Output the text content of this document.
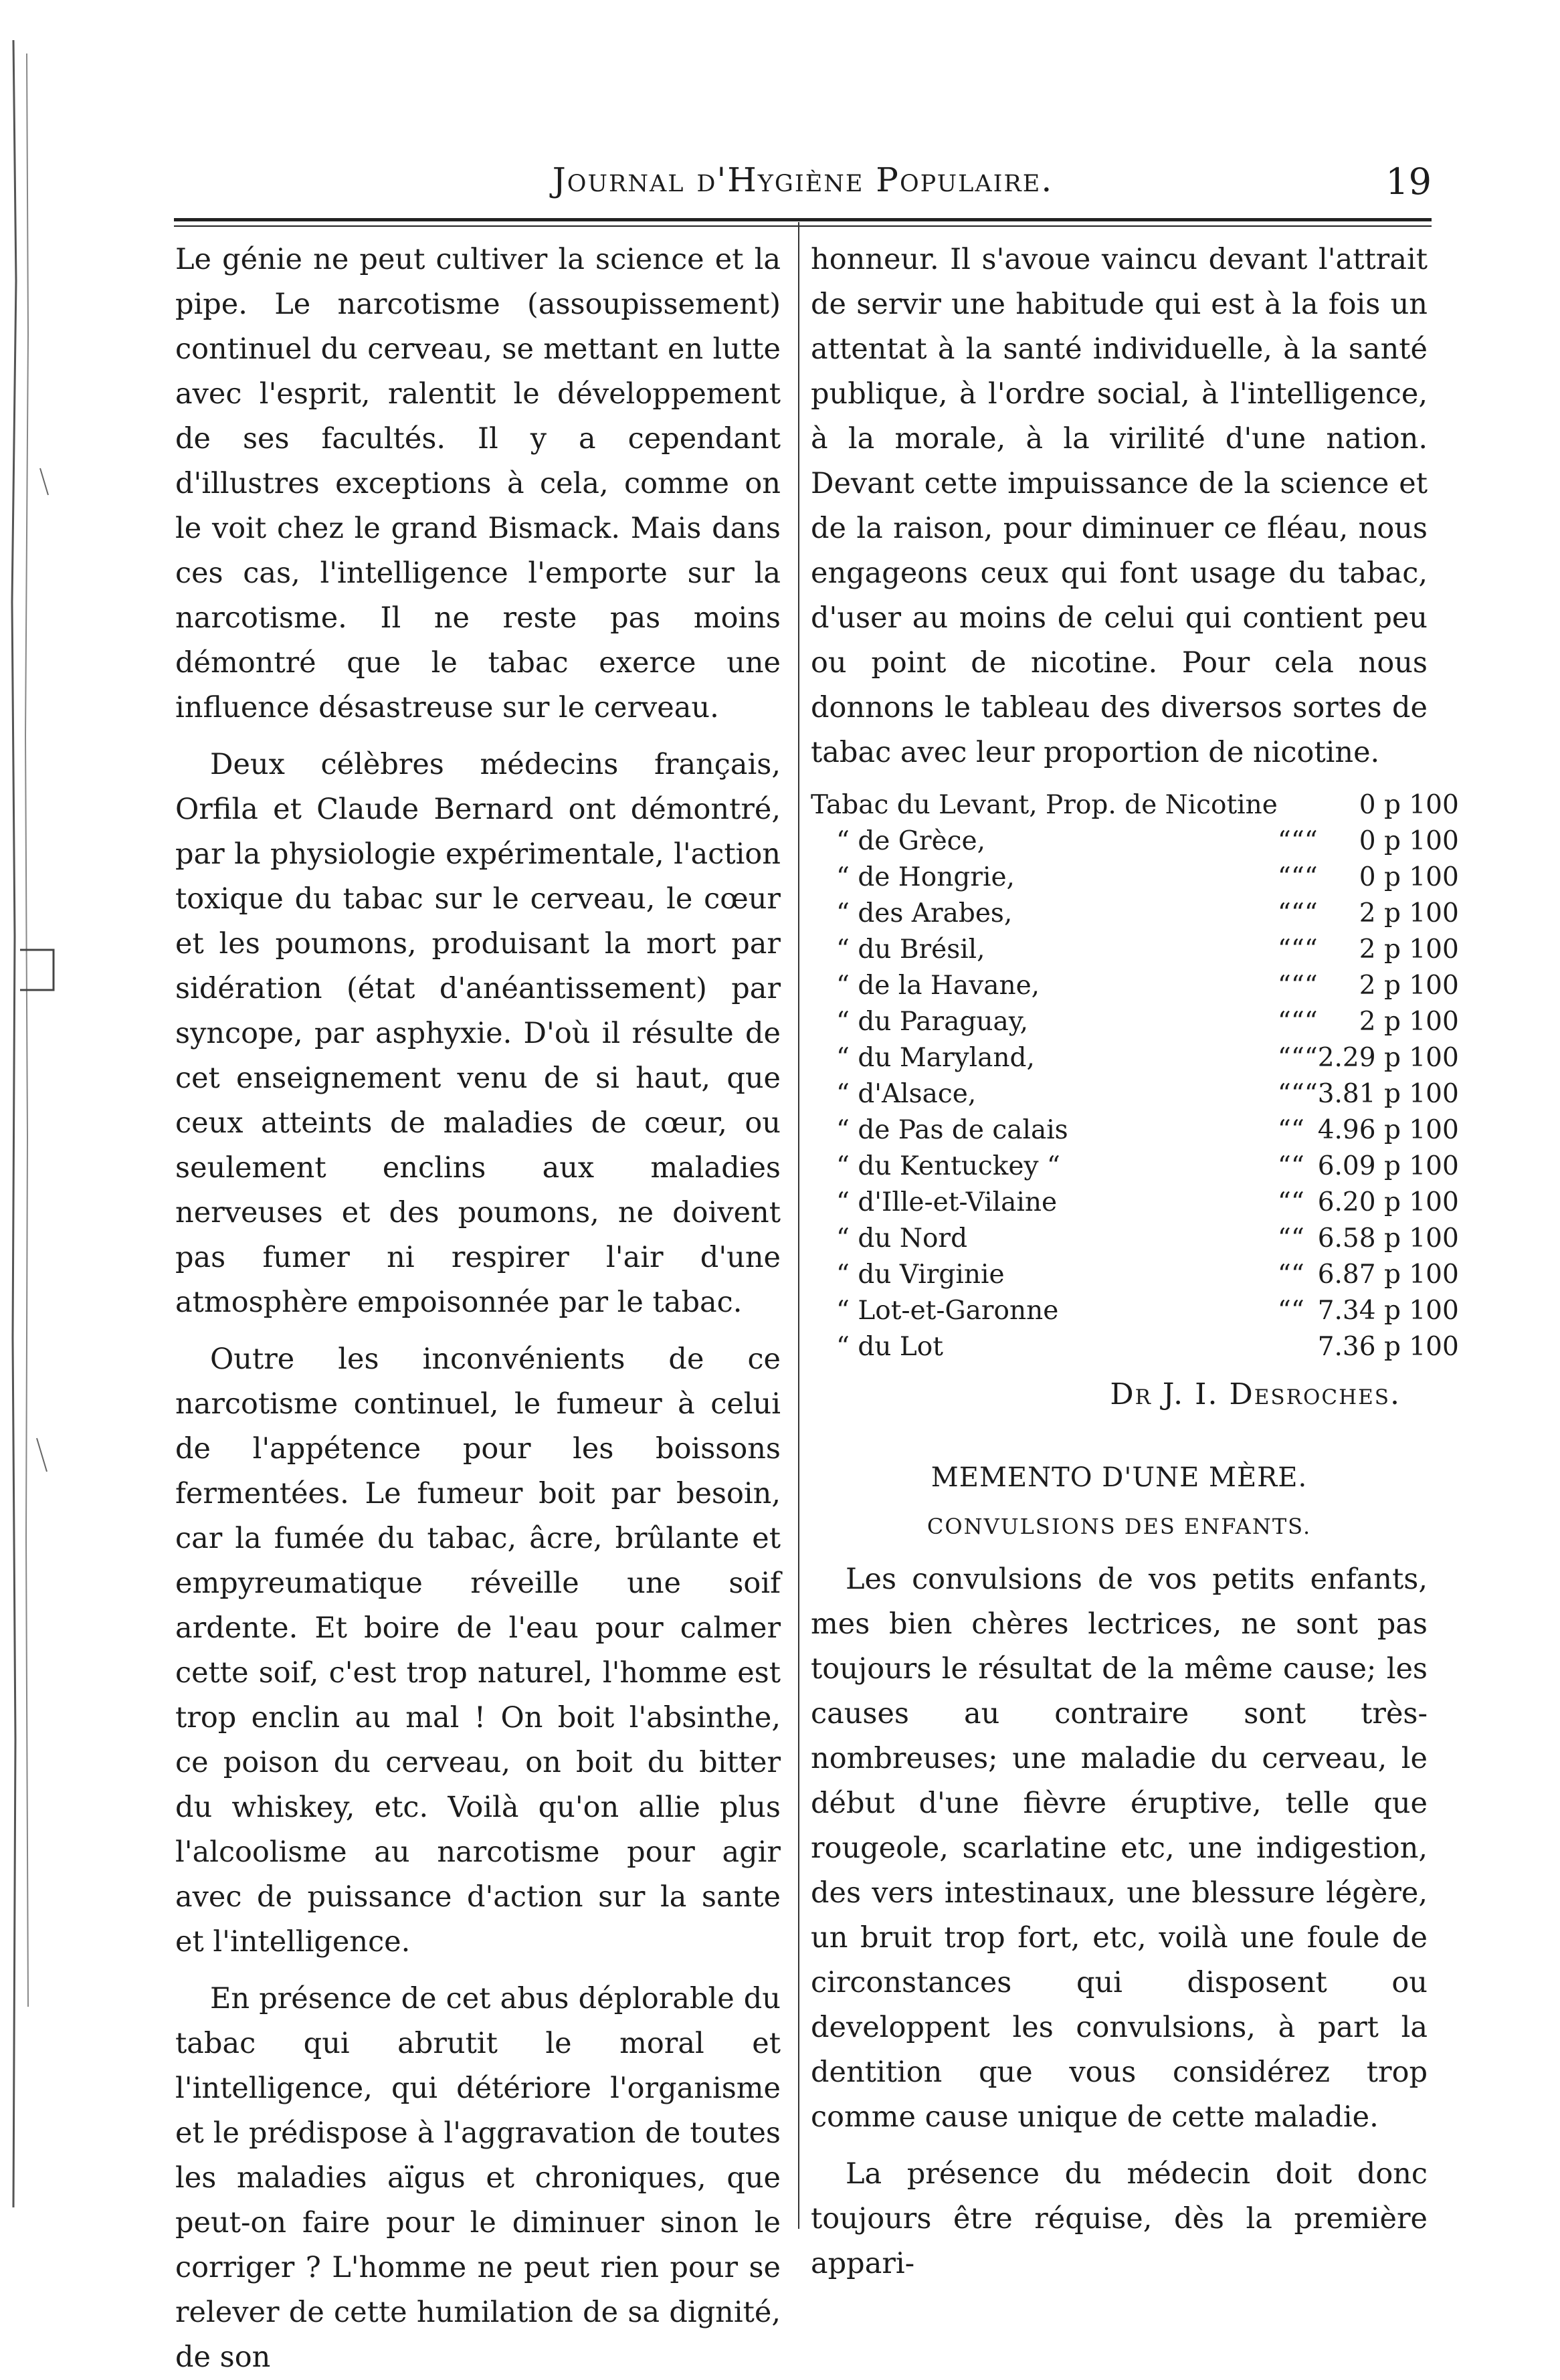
Journal d'Hygiène Populaire.	19

Le génie ne peut cultiver la science et la pipe. Le narcotisme (assoupissement) continuel du cerveau, se mettant en lutte avec l'esprit, ralentit le développement de ses facultés. Il y a cependant d'illustres exceptions à cela, comme on le voit chez le grand Bismack. Mais dans ces cas, l'intelligence l'emporte sur la narcotisme. Il ne reste pas moins démontré que le tabac exerce une influence désastreuse sur le cerveau.

Deux célèbres médecins français, Orfila et Claude Bernard ont démontré, par la physiologie expérimentale, l'action toxique du tabac sur le cerveau, le cœur et les poumons, produisant la mort par sidération (état d'anéantissement) par syncope, par asphyxie. D'où il résulte de cet enseignement venu de si haut, que ceux atteints de maladies de cœur, ou seulement enclins aux maladies nerveuses et des poumons, ne doivent pas fumer ni respirer l'air d'une atmosphère empoisonnée par le tabac.

Outre les inconvénients de ce narcotisme continuel, le fumeur à celui de l'appétence pour les boissons fermentées. Le fumeur boit par besoin, car la fumée du tabac, âcre, brûlante et empyreumatique réveille une soif ardente. Et boire de l'eau pour calmer cette soif, c'est trop naturel, l'homme est trop enclin au mal ! On boit l'absinthe, ce poison du cerveau, on boit du bitter du whiskey, etc. Voilà qu'on allie plus l'alcoolisme au narcotisme pour agir avec de puissance d'action sur la sante et l'intelligence.

En présence de cet abus déplorable du tabac qui abrutit le moral et l'intelligence, qui détériore l'organisme et le prédispose à l'aggravation de toutes les maladies aïgus et chroniques, que peut-on faire pour le diminuer sinon le corriger ? L'homme ne peut rien pour se relever de cette humilation de sa dignité, de son

honneur. Il s'avoue vaincu devant l'attrait de servir une habitude qui est à la fois un attentat à la santé individuelle, à la santé publique, à l'ordre social, à l'intelligence, à la morale, à la virilité d'une nation. Devant cette impuissance de la science et de la raison, pour diminuer ce fléau, nous engageons ceux qui font usage du tabac, d'user au moins de celui qui contient peu ou point de nicotine. Pour cela nous donnons le tableau des diversos sortes de tabac avec leur proportion de nicotine.

Tabac du Levant, Prop. de Nicotine				0 p 100
“ de Grèce,	“	“	“	0 p 100
“ de Hongrie,	“	“	“	0 p 100
“ des Arabes,	“	“	“	2 p 100
“ du Brésil,	“	“	“	2 p 100
“ de la Havane,	“	“	“	2 p 100
“ du Paraguay,	“	“	“	2 p 100
“ du Maryland,	“	“	“	2.29 p 100
“ d'Alsace,	“	“	“	3.81 p 100
“ de Pas de calais	“	“		4.96 p 100
“ du Kentuckey “	“	“		6.09 p 100
“ d'Ille-et-Vilaine	“	“		6.20 p 100
“ du Nord	“	“		6.58 p 100
“ du Virginie	“	“		6.87 p 100
“ Lot-et-Garonne	“	“		7.34 p 100
“ du Lot				7.36 p 100
Dr J. I. Desroches.
MEMENTO D'UNE MÈRE.
CONVULSIONS DES ENFANTS.

Les convulsions de vos petits enfants, mes bien chères lectrices, ne sont pas toujours le résultat de la même cause; les causes au contraire sont très-nombreuses; une maladie du cerveau, le début d'une fièvre éruptive, telle que rougeole, scarlatine etc, une indigestion, des vers intestinaux, une blessure légère, un bruit trop fort, etc, voilà une foule de circonstances qui disposent ou developpent les convulsions, à part la dentition que vous considérez trop comme cause unique de cette maladie.

La présence du médecin doit donc toujours être réquise, dès la première appari-
